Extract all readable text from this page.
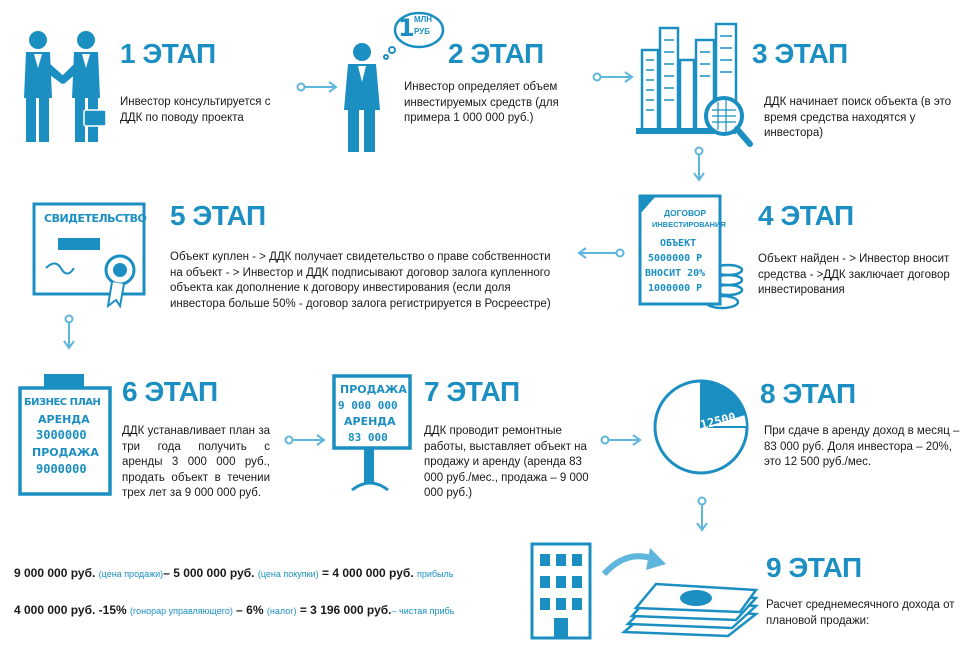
1 ЭТАП
Инвестор консультируется с ДДК по поводу проекта
1 МЛН
РУБ
2 ЭТАП
Инвестор определяет объем инвестируемых средств (для примера 1 000 000 руб.)
3 ЭТАП
ДДК начинает поиск объекта (в это время средства находятся у инвестора)
ДОГОВОР
ИНВЕСТИРОВАНИЯ
ОБЪЕКТ
5000000 Р
ВНОСИТ 20%
1000000 Р
4 ЭТАП
Объект найден - > Инвестор вносит средства - >ДДК заключает договор инвестирования
СВИДЕТЕЛЬСТВО 5 ЭТАП
Объект куплен - > ДДК получает свидетельство о праве собственности на объект - > Инвестор и ДДК подписывают договор залога купленного объекта как дополнение к договору инвестирования (если доля инвестора больше 50% - договор залога регистрируется в Росреестре)
БИЗНЕС ПЛАН
АРЕНДА
3000000
ПРОДАЖА
9000000
6 ЭТАП
ДДК устанавливает план за три года получить с аренды 3 000 000 руб., продать объект в течении трех лет за 9 000 000 руб.
ПРОДАЖА
9 000 000
АРЕНДА
83 000
7 ЭТАП
ДДК проводит ремонтные работы, выставляет объект на продажу и аренду (аренда 83 000 руб./мес., продажа – 9 000 000 руб.)
12500
8 ЭТАП
При сдаче в аренду доход в месяц – 83 000 руб. Доля инвестора – 20%, это 12 500 руб./мес.
9 ЭТАП
Расчет среднемесячного дохода от плановой продажи:
9 000 000 руб. (цена продажи)– 5 000 000 руб. (цена покупки) = 4 000 000 руб. прибыль
4 000 000 руб. -15% (гонорар управляющего) – 6% (налог) = 3 196 000 руб.– чистая прибь
